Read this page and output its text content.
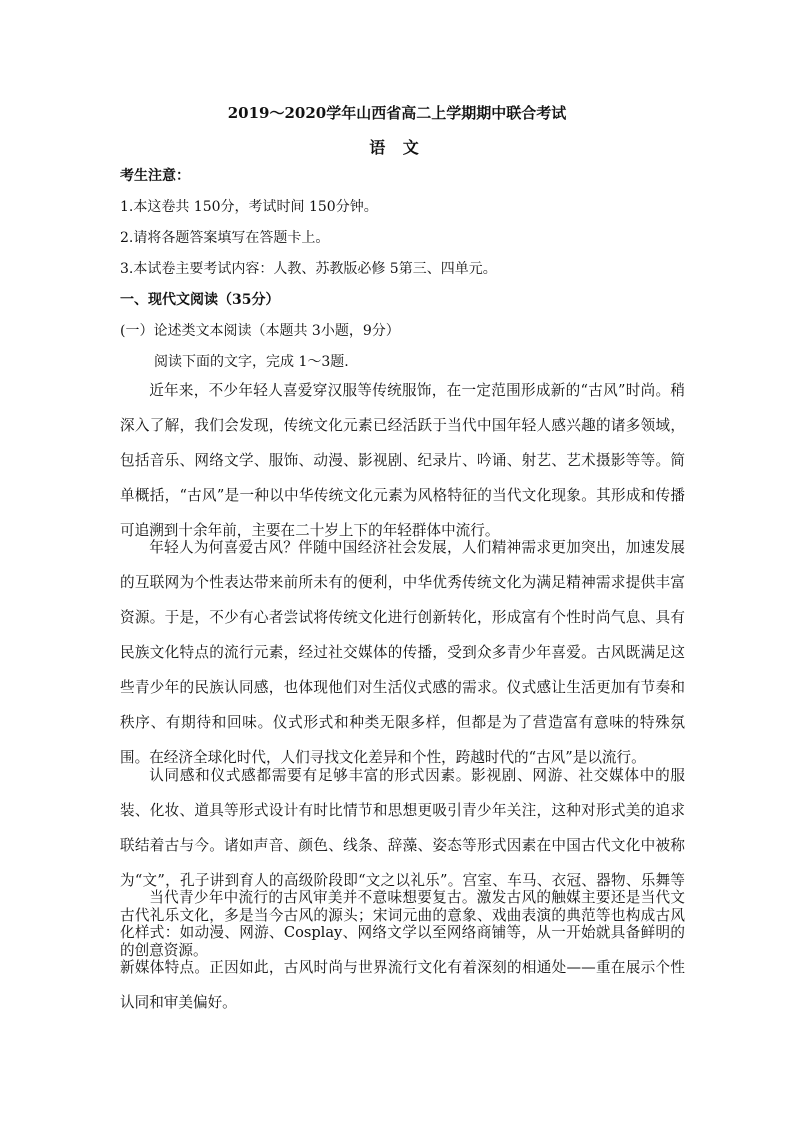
2019～2020学年山西省高二上学期期中联合考试
语 文
考生注意：
1.本这卷共 150分，考试时间 150分钟。
2.请将各题答案填写在答题卡上。
3.本试卷主要考试内容：人教、苏教版必修 5第三、四单元。
一、现代文阅读（35分）
(一）论述类文本阅读（本题共 3小题，9分）
阅读下面的文字，完成 1～3题.
近年来，不少年轻人喜爱穿汉服等传统服饰，在一定范围形成新的“古风”时尚。稍深入了解，我们会发现，传统文化元素已经活跃于当代中国年轻人感兴趣的诸多领域，包括音乐、网络文学、服饰、动漫、影视剧、纪录片、吟诵、射艺、艺术摄影等等。简单概括，“古风”是一种以中华传统文化元素为风格特征的当代文化现象。其形成和传播可追溯到十余年前，主要在二十岁上下的年轻群体中流行。
年轻人为何喜爱古风？伴随中国经济社会发展，人们精神需求更加突出，加速发展的互联网为个性表达带来前所未有的便利，中华优秀传统文化为满足精神需求提供丰富资源。于是，不少有心者尝试将传统文化进行创新转化，形成富有个性时尚气息、具有民族文化特点的流行元素，经过社交媒体的传播，受到众多青少年喜爱。古风既满足这些青少年的民族认同感，也体现他们对生活仪式感的需求。仪式感让生活更加有节奏和秩序、有期待和回味。仪式形式和种类无限多样，但都是为了营造富有意味的特殊氛围。在经济全球化时代，人们寻找文化差异和个性，跨越时代的“古风”是以流行。
认同感和仪式感都需要有足够丰富的形式因素。影视剧、网游、社交媒体中的服装、化妆、道具等形式设计有时比情节和思想更吸引青少年关注，这种对形式美的追求联结着古与今。诸如声音、颜色、线条、辞藻、姿态等形式因素在中国古代文化中被称为“文”，孔子讲到育人的高级阶段即“文之以礼乐”。宫室、车马、衣冠、器物、乐舞等古代礼乐文化，多是当今古风的源头；宋词元曲的意象、戏曲表演的典范等也构成古风的创意资源。
当代青少年中流行的古风审美并不意味想要复古。激发古风的触媒主要还是当代文化样式：如动漫、网游、Cosplay、网络文学以至网络商铺等，从一开始就具备鲜明的新媒体特点。正因如此，古风时尚与世界流行文化有着深刻的相通处——重在展示个性认同和审美偏好。
